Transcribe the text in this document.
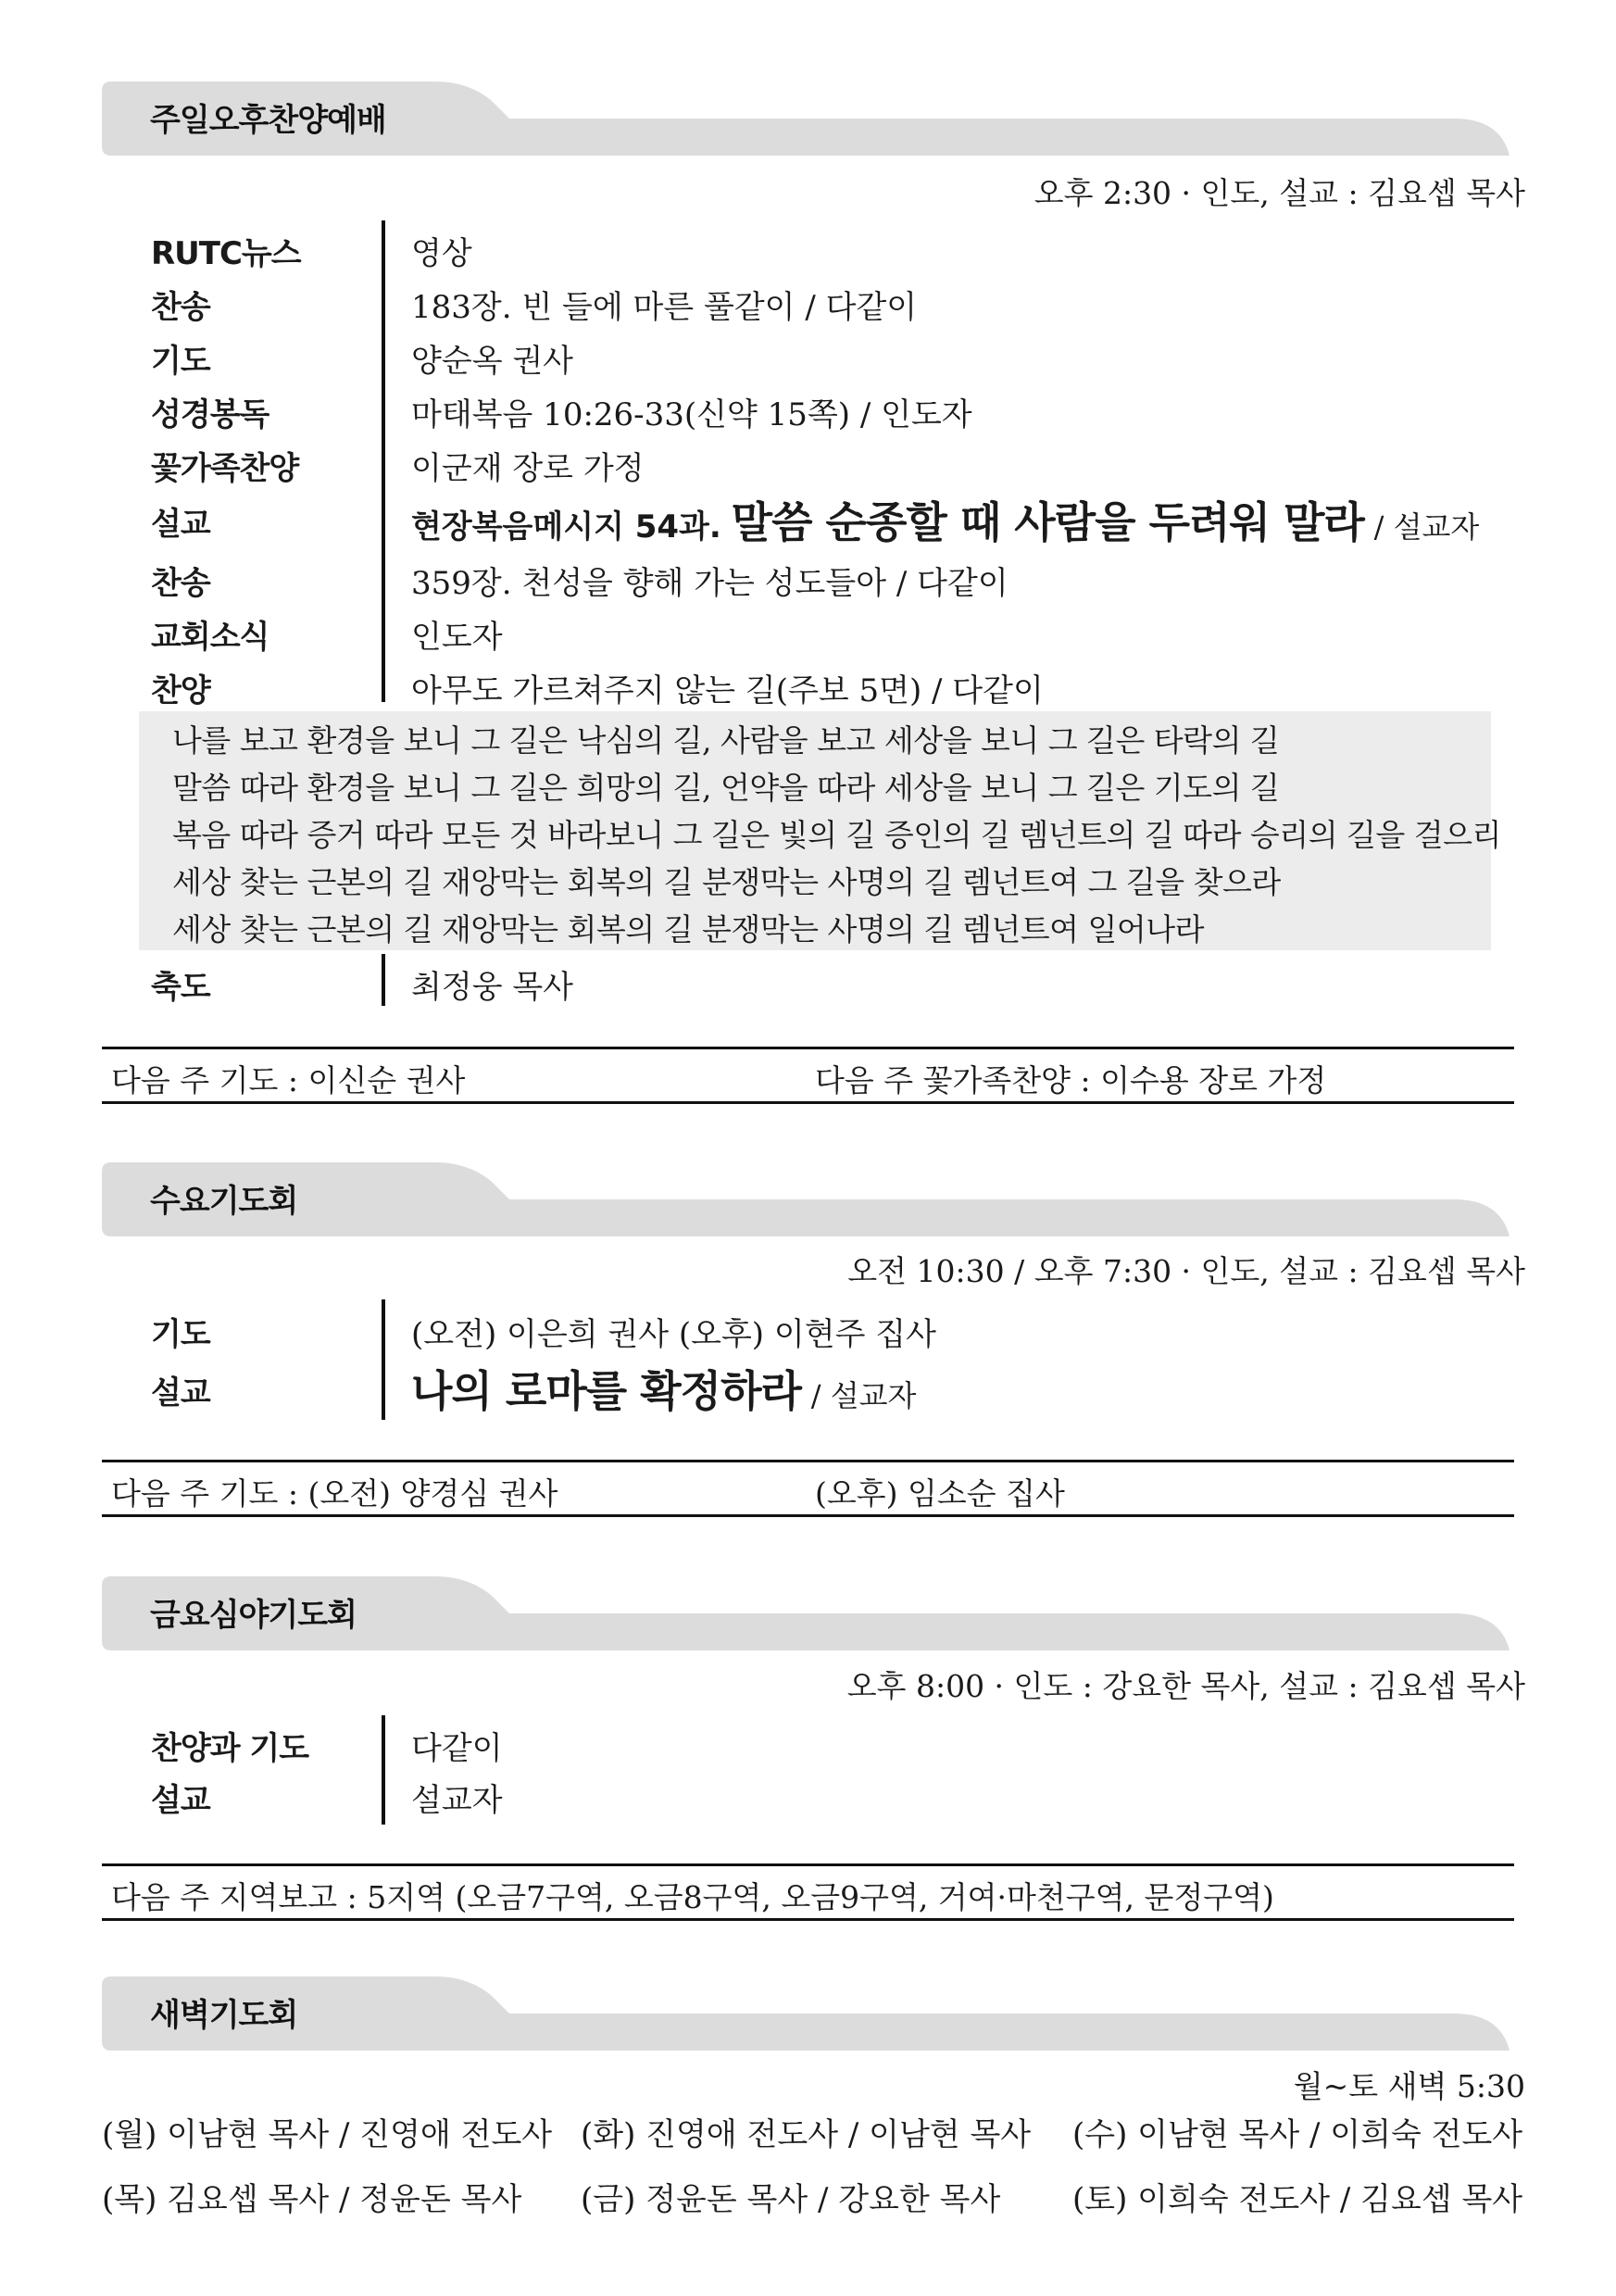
주일오후찬양예배
오후 2:30 · 인도, 설교 : 김요셉 목사
RUTC뉴스	영상
찬송	183장. 빈 들에 마른 풀같이 / 다같이
기도	양순옥 권사
성경봉독	마태복음 10:26-33(신약 15쪽) / 인도자
꽃가족찬양	이군재 장로 가정
설교	현장복음메시지 54과. 말씀 순종할 때 사람을 두려워 말라 / 설교자
찬송	359장. 천성을 향해 가는 성도들아 / 다같이
교회소식	인도자
찬양	아무도 가르쳐주지 않는 길(주보 5면) / 다같이
나를 보고 환경을 보니 그 길은 낙심의 길, 사람을 보고 세상을 보니 그 길은 타락의 길
말씀 따라 환경을 보니 그 길은 희망의 길, 언약을 따라 세상을 보니 그 길은 기도의 길
복음 따라 증거 따라 모든 것 바라보니 그 길은 빛의 길 증인의 길 렘넌트의 길 따라 승리의 길을 걸으리
세상 찾는 근본의 길 재앙막는 회복의 길 분쟁막는 사명의 길 렘넌트여 그 길을 찾으라
세상 찾는 근본의 길 재앙막는 회복의 길 분쟁막는 사명의 길 렘넌트여 일어나라
축도	최정웅 목사
다음 주 기도 : 이신순 권사	다음 주 꽃가족찬양 : 이수용 장로 가정
수요기도회
오전 10:30 / 오후 7:30 · 인도, 설교 : 김요셉 목사
기도	(오전) 이은희 권사 (오후) 이현주 집사
설교	나의 로마를 확정하라 / 설교자
다음 주 기도 : (오전) 양경심 권사	(오후) 임소순 집사
금요심야기도회
오후 8:00 · 인도 : 강요한 목사, 설교 : 김요셉 목사
찬양과 기도	다같이
설교	설교자
다음 주 지역보고 : 5지역 (오금7구역, 오금8구역, 오금9구역, 거여·마천구역, 문정구역)
새벽기도회
월~토 새벽 5:30
(월) 이남현 목사 / 진영애 전도사 (화) 진영애 전도사 / 이남현 목사 (수) 이남현 목사 / 이희숙 전도사
(목) 김요셉 목사 / 정윤돈 목사 (금) 정윤돈 목사 / 강요한 목사 (토) 이희숙 전도사 / 김요셉 목사
